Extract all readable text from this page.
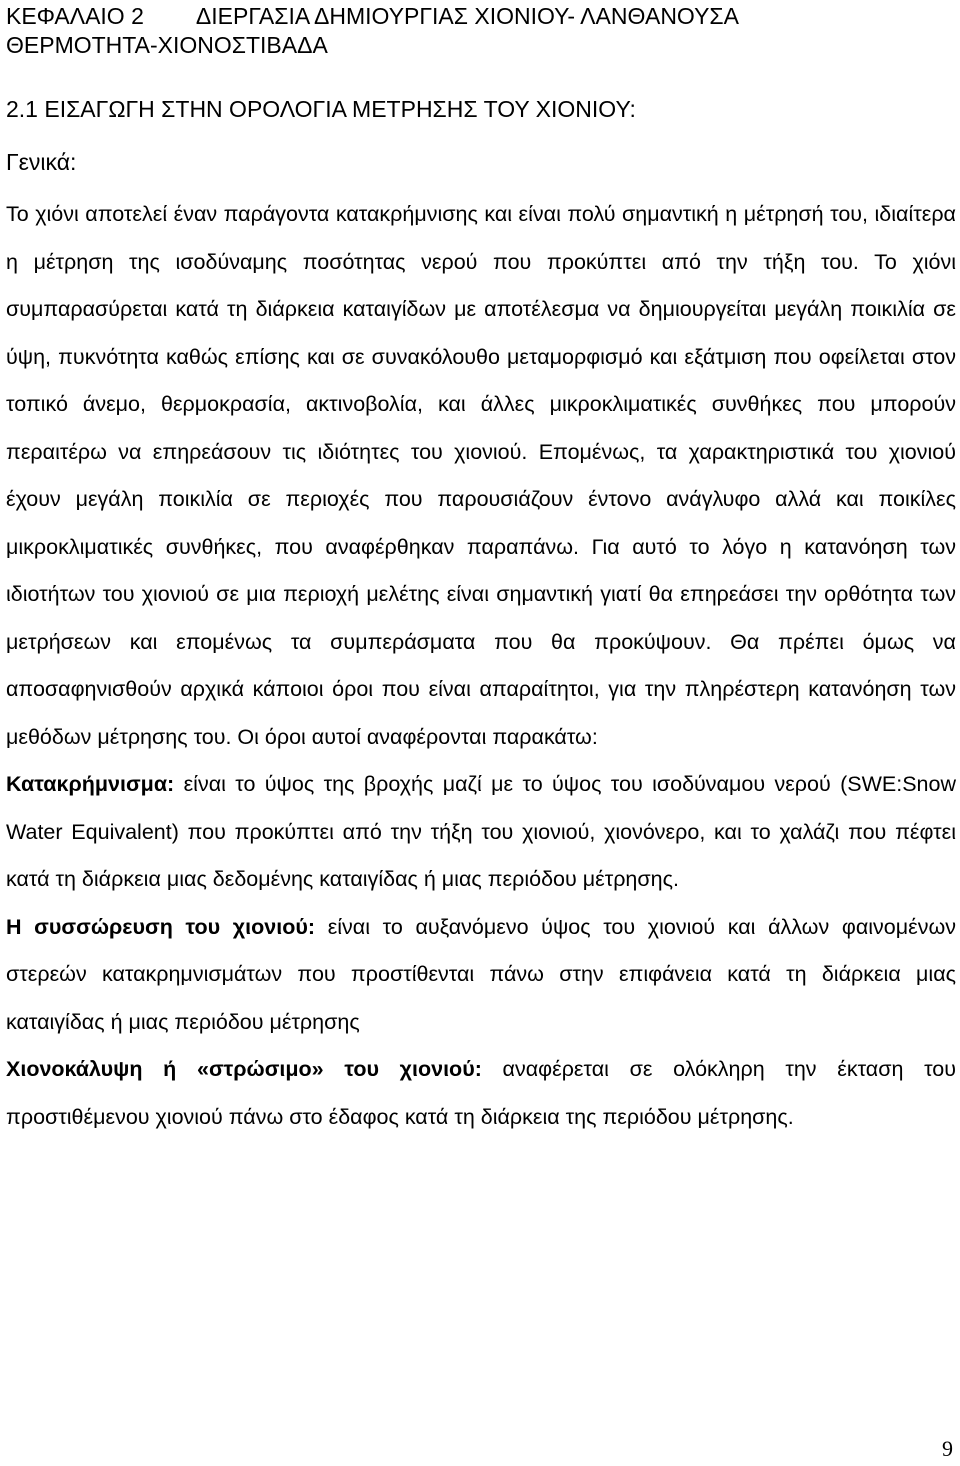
ΚΕΦΑΛΑΙΟ 2 ΔΙΕΡΓΑΣΙΑ ΔΗΜΙΟΥΡΓΙΑΣ ΧΙΟΝΙΟΥ- ΛΑΝΘΑΝΟΥΣΑ
ΘΕΡΜΟΤΗΤΑ-ΧΙΟΝΟΣΤΙΒΑΔΑ
2.1 ΕΙΣΑΓΩΓΗ ΣΤΗΝ ΟΡΟΛΟΓΙΑ ΜΕΤΡΗΣΗΣ ΤΟΥ ΧΙΟΝΙΟΥ:
Γενικά:

Το χιόνι αποτελεί έναν παράγοντα κατακρήμνισης και είναι πολύ σημαντική η μέτρησή του, ιδιαίτερα η μέτρηση της ισοδύναμης ποσότητας νερού που προκύπτει από την τήξη του. Το χιόνι συμπαρασύρεται κατά τη διάρκεια καταιγίδων με αποτέλεσμα να δημιουργείται μεγάλη ποικιλία σε ύψη, πυκνότητα καθώς επίσης και σε συνακόλουθο μεταμορφισμό και εξάτμιση που οφείλεται στον τοπικό άνεμο, θερμοκρασία, ακτινοβολία, και άλλες μικροκλιματικές συνθήκες που μπορούν περαιτέρω να επηρεάσουν τις ιδιότητες του χιονιού. Επομένως, τα χαρακτηριστικά του χιονιού έχουν μεγάλη ποικιλία σε περιοχές που παρουσιάζουν έντονο ανάγλυφο αλλά και ποικίλες μικροκλιματικές συνθήκες, που αναφέρθηκαν παραπάνω. Για αυτό το λόγο η κατανόηση των ιδιοτήτων του χιονιού σε μια περιοχή μελέτης είναι σημαντική γιατί θα επηρεάσει την ορθότητα των μετρήσεων και επομένως τα συμπεράσματα που θα προκύψουν. Θα πρέπει όμως να αποσαφηνισθούν αρχικά κάποιοι όροι που είναι απαραίτητοι, για την πληρέστερη κατανόηση των μεθόδων μέτρησης του. Οι όροι αυτοί αναφέρονται παρακάτω:

Κατακρήμνισμα: είναι το ύψος της βροχής μαζί με το ύψος του ισοδύναμου νερού (SWE:Snow Water Equivalent) που προκύπτει από την τήξη του χιονιού, χιονόνερο, και το χαλάζι που πέφτει κατά τη διάρκεια μιας δεδομένης καταιγίδας ή μιας περιόδου μέτρησης.

Η συσσώρευση του χιονιού: είναι το αυξανόμενο ύψος του χιονιού και άλλων φαινομένων στερεών κατακρημνισμάτων που προστίθενται πάνω στην επιφάνεια κατά τη διάρκεια μιας καταιγίδας ή μιας περιόδου μέτρησης

Χιονοκάλυψη ή «στρώσιμο» του χιονιού: αναφέρεται σε ολόκληρη την έκταση του προστιθέμενου χιονιού πάνω στο έδαφος κατά τη διάρκεια της περιόδου μέτρησης.

9
